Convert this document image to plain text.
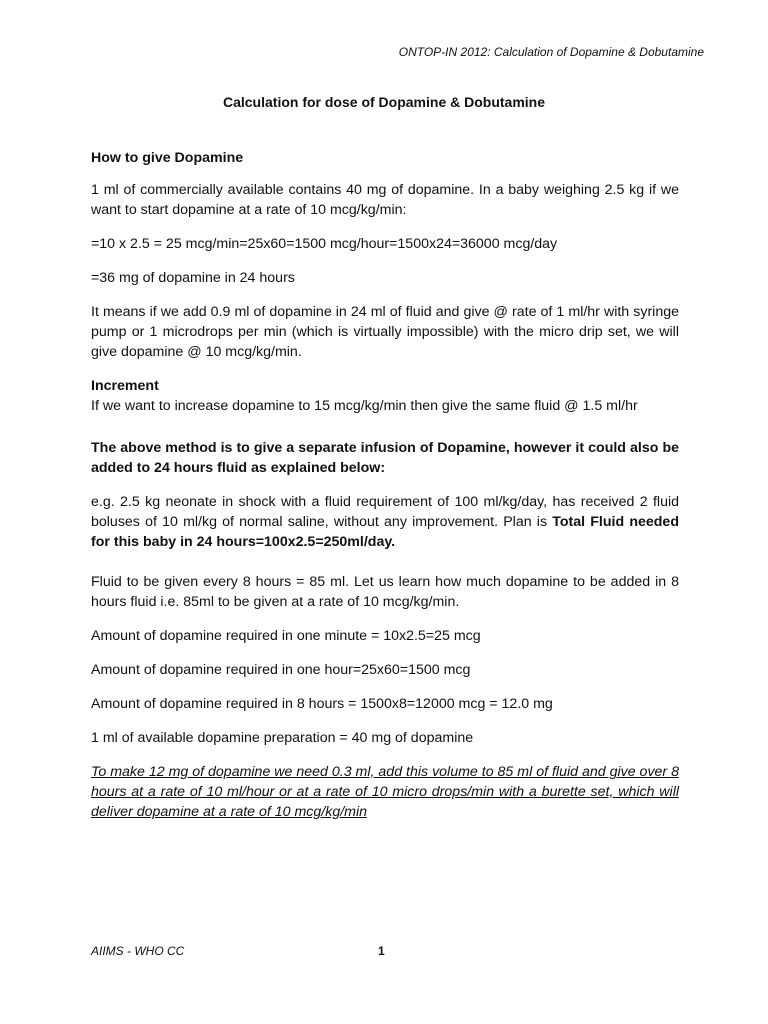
ONTOP-IN 2012: Calculation of Dopamine & Dobutamine
Calculation for dose of Dopamine & Dobutamine
How to give Dopamine

1 ml of commercially available contains 40 mg of dopamine. In a baby weighing 2.5 kg if we want to start dopamine at a rate of 10 mcg/kg/min:

=10 x 2.5 = 25 mcg/min=25x60=1500 mcg/hour=1500x24=36000 mcg/day

=36 mg of dopamine in 24 hours

It means if we add 0.9 ml of dopamine in 24 ml of fluid and give @ rate of 1 ml/hr with syringe pump or 1 microdrops per min (which is virtually impossible) with the micro drip set, we will give dopamine @ 10 mcg/kg/min.

Increment

If we want to increase dopamine to 15 mcg/kg/min then give the same fluid @ 1.5 ml/hr

The above method is to give a separate infusion of Dopamine, however it could also be added to 24 hours fluid as explained below:

e.g. 2.5 kg neonate in shock with a fluid requirement of 100 ml/kg/day, has received 2 fluid boluses of 10 ml/kg of normal saline, without any improvement. Plan is Total Fluid needed for this baby in 24 hours=100x2.5=250ml/day.

Fluid to be given every 8 hours = 85 ml. Let us learn how much dopamine to be added in 8 hours fluid i.e. 85ml to be given at a rate of 10 mcg/kg/min.

Amount of dopamine required in one minute = 10x2.5=25 mcg

Amount of dopamine required in one hour=25x60=1500 mcg

Amount of dopamine required in 8 hours = 1500x8=12000 mcg = 12.0 mg

1 ml of available dopamine preparation = 40 mg of dopamine

To make 12 mg of dopamine we need 0.3 ml, add this volume to 85 ml of fluid and give over 8 hours at a rate of 10 ml/hour or at a rate of 10 micro drops/min with a burette set, which will deliver dopamine at a rate of 10 mcg/kg/min

AIIMS - WHO CC	1
